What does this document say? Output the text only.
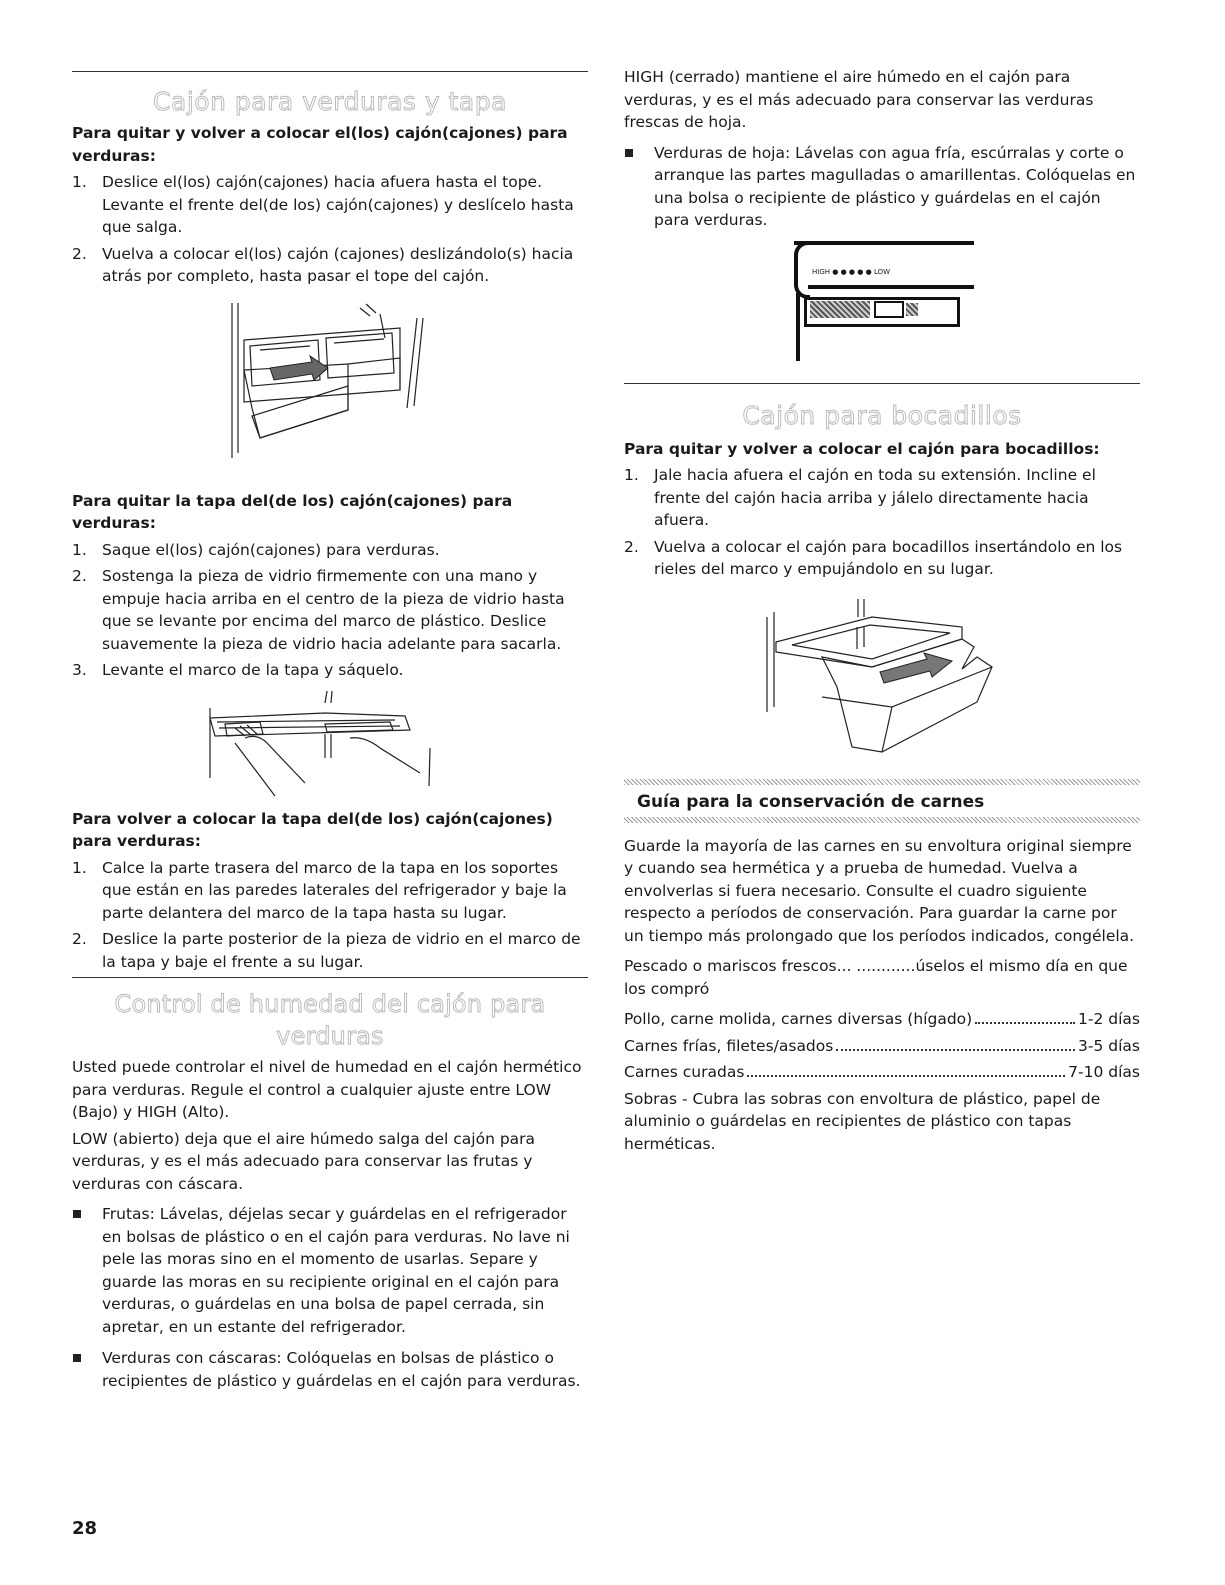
Cajón para verduras y tapa
Para quitar y volver a colocar el(los) cajón(cajones) para verduras:
1. Deslice el(los) cajón(cajones) hacia afuera hasta el tope. Levante el frente del(de los) cajón(cajones) y deslícelo hasta que salga.
2. Vuelva a colocar el(los) cajón (cajones) deslizándolo(s) hacia atrás por completo, hasta pasar el tope del cajón.
Para quitar la tapa del(de los) cajón(cajones) para verduras:
1. Saque el(los) cajón(cajones) para verduras.
2. Sostenga la pieza de vidrio firmemente con una mano y empuje hacia arriba en el centro de la pieza de vidrio hasta que se levante por encima del marco de plástico. Deslice suavemente la pieza de vidrio hacia adelante para sacarla.
3. Levante el marco de la tapa y sáquelo.
Para volver a colocar la tapa del(de los) cajón(cajones) para verduras:
1. Calce la parte trasera del marco de la tapa en los soportes que están en las paredes laterales del refrigerador y baje la parte delantera del marco de la tapa hasta su lugar.
2. Deslice la parte posterior de la pieza de vidrio en el marco de la tapa y baje el frente a su lugar.
Control de humedad del cajón para verduras

Usted puede controlar el nivel de humedad en el cajón hermético para verduras. Regule el control a cualquier ajuste entre LOW (Bajo) y HIGH (Alto).

LOW (abierto) deja que el aire húmedo salga del cajón para verduras, y es el más adecuado para conservar las frutas y verduras con cáscara.

Frutas: Lávelas, déjelas secar y guárdelas en el refrigerador en bolsas de plástico o en el cajón para verduras. No lave ni pele las moras sino en el momento de usarlas. Separe y guarde las moras en su recipiente original en el cajón para verduras, o guárdelas en una bolsa de papel cerrada, sin apretar, en un estante del refrigerador.
Verduras con cáscaras: Colóquelas en bolsas de plástico o recipientes de plástico y guárdelas en el cajón para verduras.

HIGH (cerrado) mantiene el aire húmedo en el cajón para verduras, y es el más adecuado para conservar las verduras frescas de hoja.

Verduras de hoja: Lávelas con agua fría, escúrralas y corte o arranque las partes magulladas o amarillentas. Colóquelas en una bolsa o recipiente de plástico y guárdelas en el cajón para verduras.
HIGH ● ● ● ● ● LOW
Cajón para bocadillos
Para quitar y volver a colocar el cajón para bocadillos:
1. Jale hacia afuera el cajón en toda su extensión. Incline el frente del cajón hacia arriba y jálelo directamente hacia afuera.
2. Vuelva a colocar el cajón para bocadillos insertándolo en los rieles del marco y empujándolo en su lugar.
Guía para la conservación de carnes

Guarde la mayoría de las carnes en su envoltura original siempre y cuando sea hermética y a prueba de humedad. Vuelva a envolverlas si fuera necesario. Consulte el cuadro siguiente respecto a períodos de conservación. Para guardar la carne por un tiempo más prolongado que los períodos indicados, congélela.

Pescado o mariscos frescos... ............úselos el mismo día en que los compró

Pollo, carne molida, carnes diversas (hígado)	1-2 días
Carnes frías, filetes/asados	3-5 días
Carnes curadas	7-10 días

Sobras - Cubra las sobras con envoltura de plástico, papel de aluminio o guárdelas en recipientes de plástico con tapas herméticas.

28
